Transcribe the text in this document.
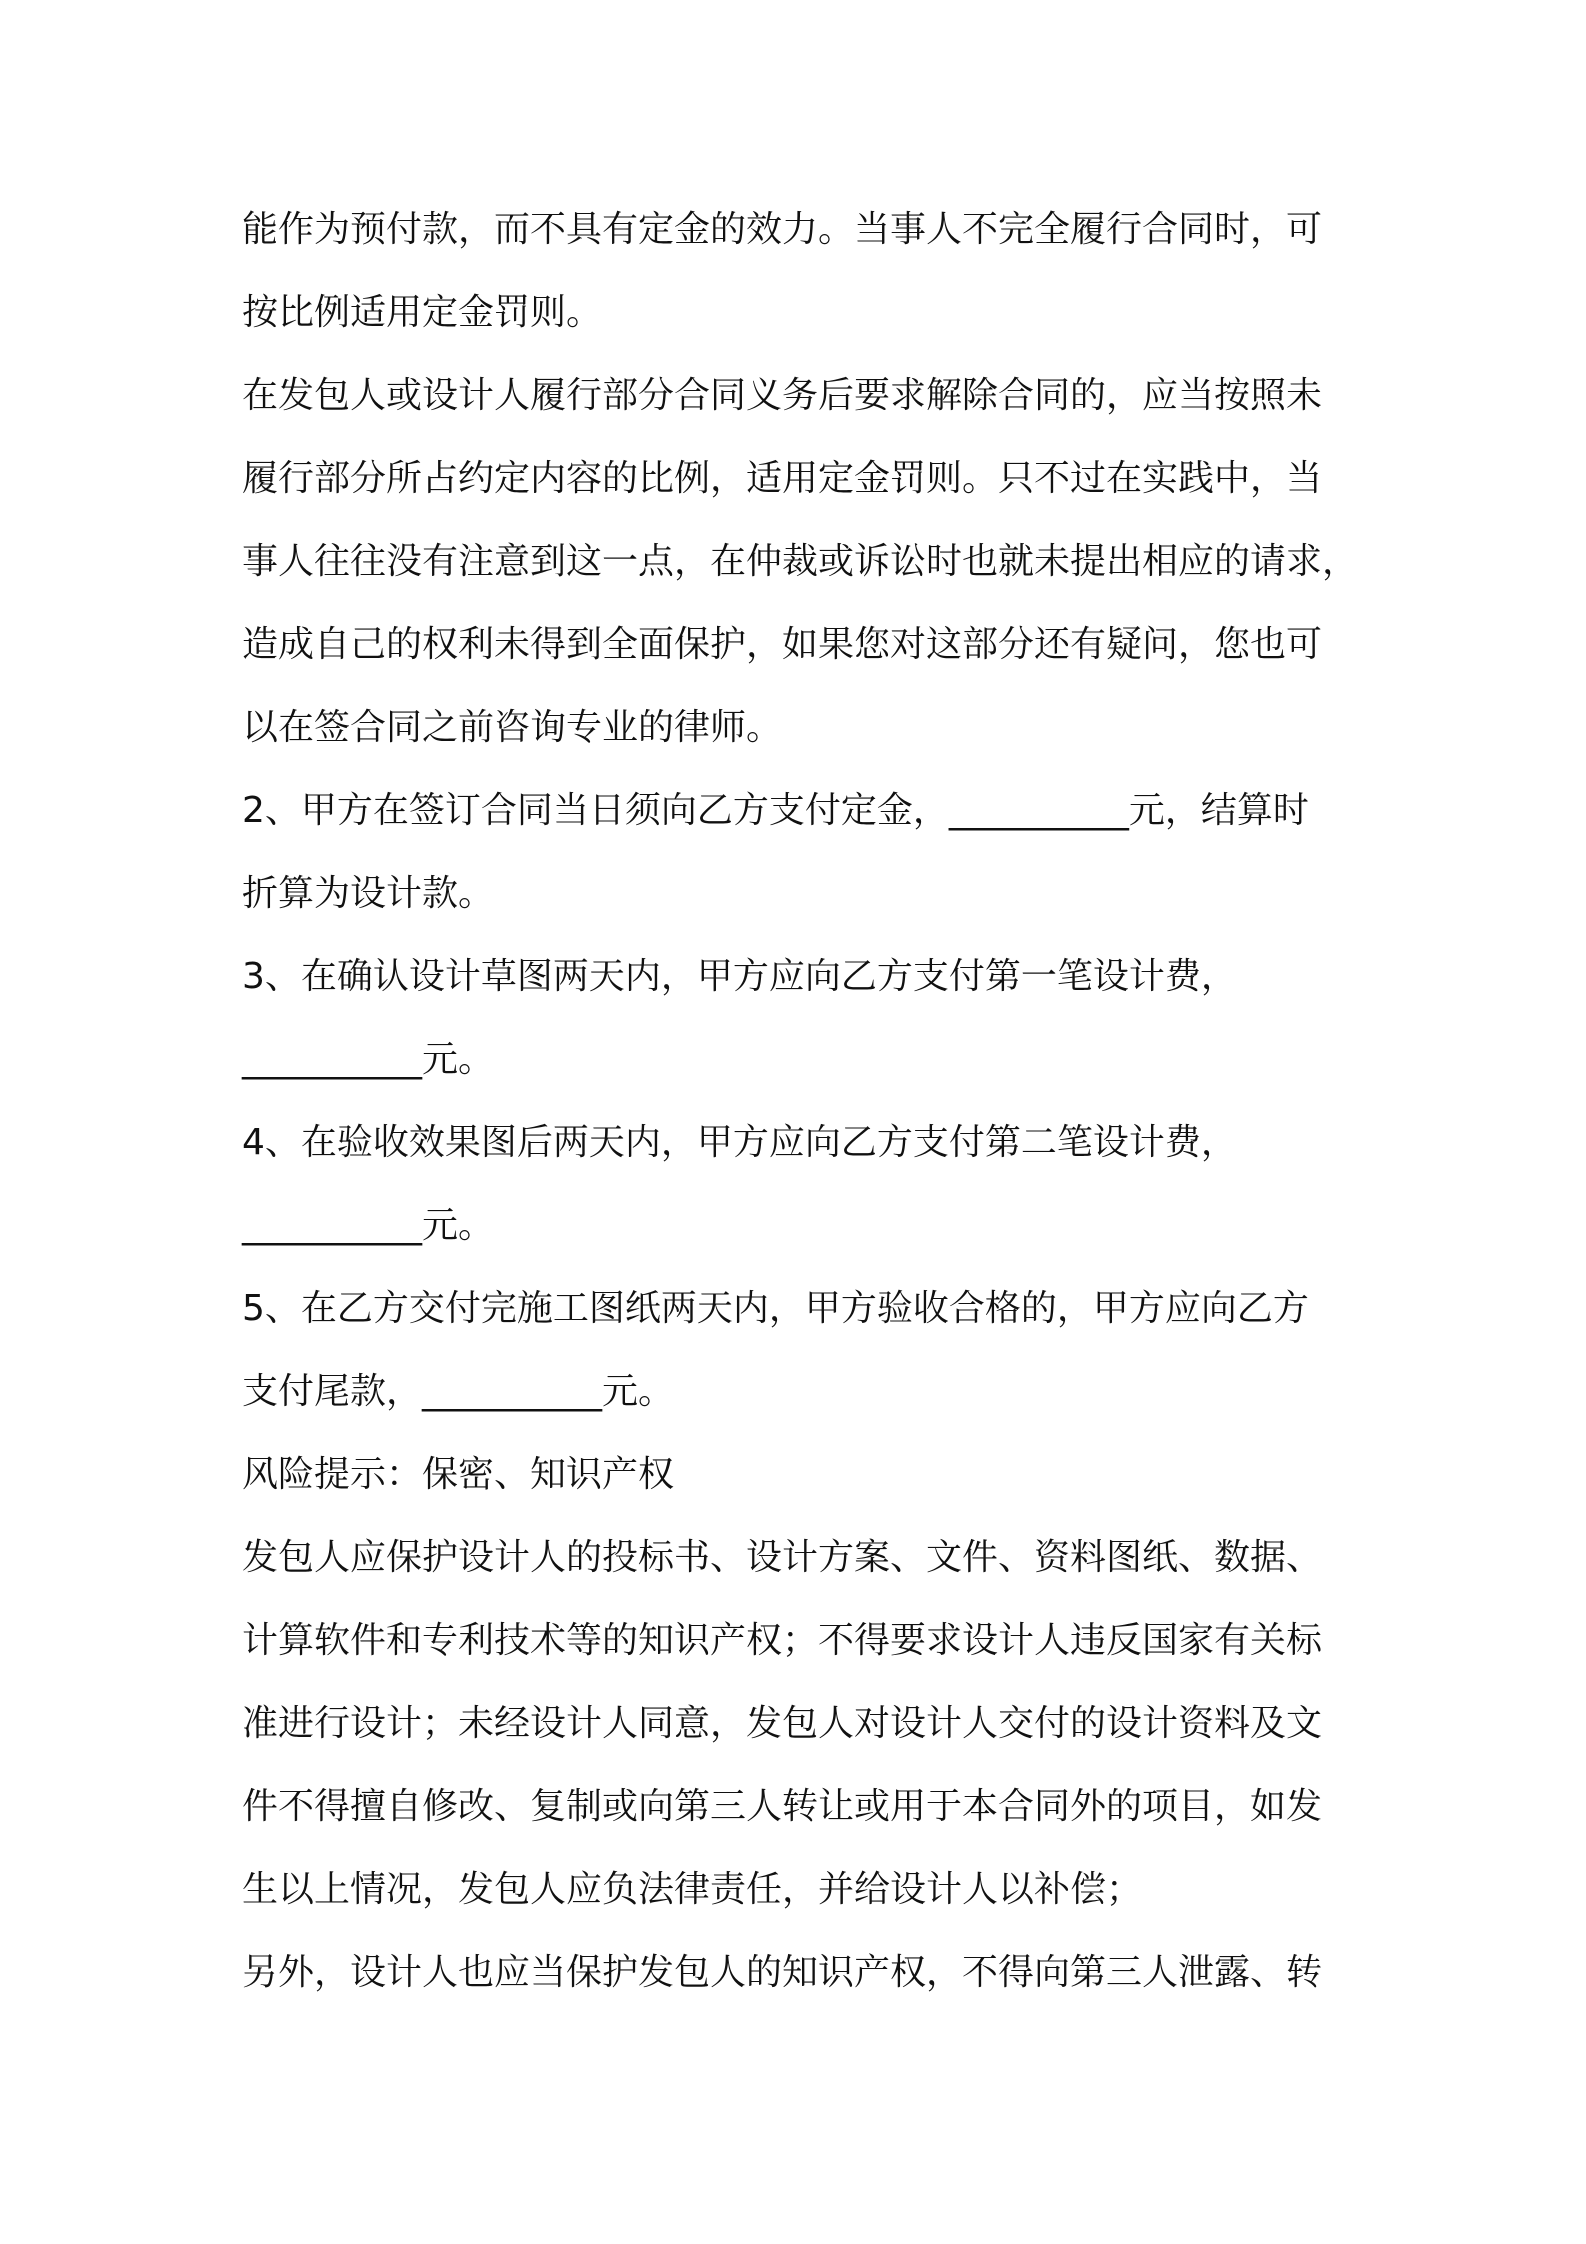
能作为预付款，而不具有定金的效力。当事人不完全履行合同时，可

按比例适用定金罚则。

在发包人或设计人履行部分合同义务后要求解除合同的，应当按照未

履行部分所占约定内容的比例，适用定金罚则。只不过在实践中，当

事人往往没有注意到这一点，在仲裁或诉讼时也就未提出相应的请求，

造成自己的权利未得到全面保护，如果您对这部分还有疑问，您也可

以在签合同之前咨询专业的律师。

2、甲方在签订合同当日须向乙方支付定金，__________元，结算时

折算为设计款。

3、在确认设计草图两天内，甲方应向乙方支付第一笔设计费，

__________元。

4、在验收效果图后两天内，甲方应向乙方支付第二笔设计费，

__________元。

5、在乙方交付完施工图纸两天内，甲方验收合格的，甲方应向乙方

支付尾款，__________元。

风险提示：保密、知识产权

发包人应保护设计人的投标书、设计方案、文件、资料图纸、数据、

计算软件和专利技术等的知识产权；不得要求设计人违反国家有关标

准进行设计；未经设计人同意，发包人对设计人交付的设计资料及文

件不得擅自修改、复制或向第三人转让或用于本合同外的项目，如发

生以上情况，发包人应负法律责任，并给设计人以补偿；

另外，设计人也应当保护发包人的知识产权，不得向第三人泄露、转
